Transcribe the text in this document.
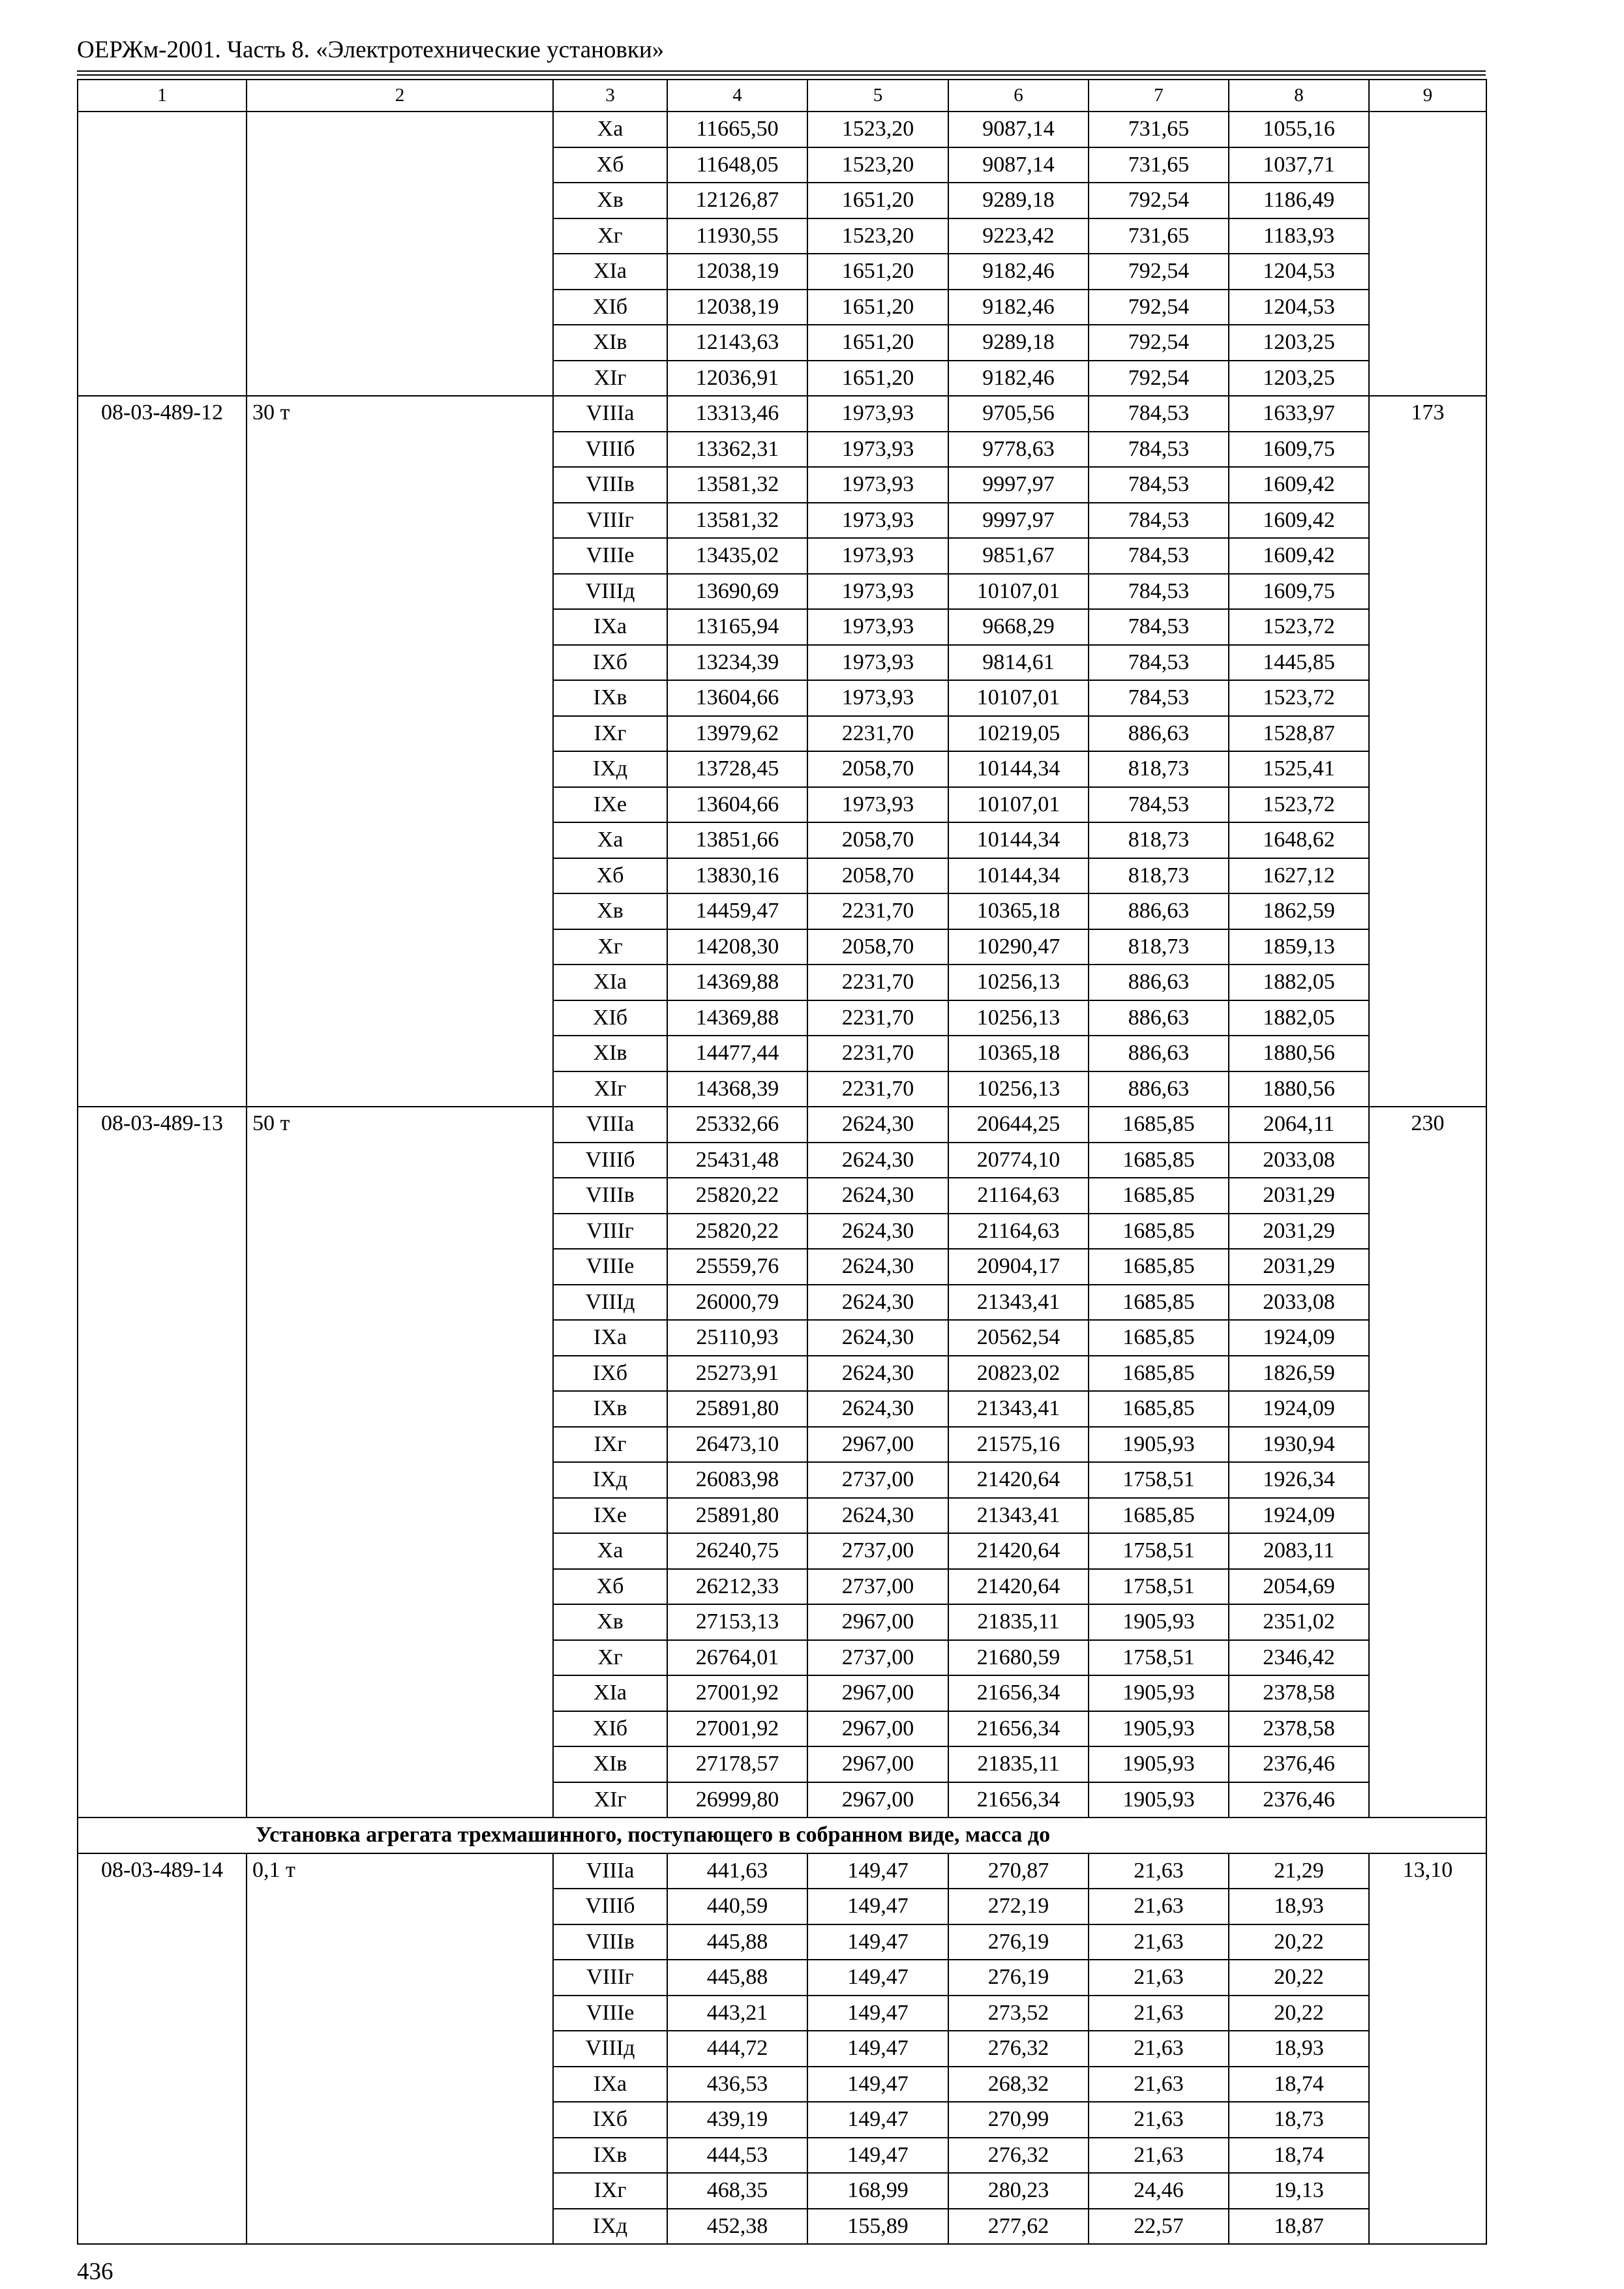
ОЕРЖм-2001. Часть 8. «Электротехнические установки»
1	2	3	4	5	6	7	8	9
		Xa	11665,50	1523,20	9087,14	731,65	1055,16	
		Xб	11648,05	1523,20	9087,14	731,65	1037,71	
		Xв	12126,87	1651,20	9289,18	792,54	1186,49	
		Xг	11930,55	1523,20	9223,42	731,65	1183,93	
		XIa	12038,19	1651,20	9182,46	792,54	1204,53	
		XIб	12038,19	1651,20	9182,46	792,54	1204,53	
		XIв	12143,63	1651,20	9289,18	792,54	1203,25	
		XIг	12036,91	1651,20	9182,46	792,54	1203,25	
08-03-489-12	30 т	VIIIa	13313,46	1973,93	9705,56	784,53	1633,97	173
		VIIIб	13362,31	1973,93	9778,63	784,53	1609,75	
		VIIIв	13581,32	1973,93	9997,97	784,53	1609,42	
		VIIIг	13581,32	1973,93	9997,97	784,53	1609,42	
		VIIIe	13435,02	1973,93	9851,67	784,53	1609,42	
		VIIIд	13690,69	1973,93	10107,01	784,53	1609,75	
		IXa	13165,94	1973,93	9668,29	784,53	1523,72	
		IXб	13234,39	1973,93	9814,61	784,53	1445,85	
		IXв	13604,66	1973,93	10107,01	784,53	1523,72	
		IXг	13979,62	2231,70	10219,05	886,63	1528,87	
		IXд	13728,45	2058,70	10144,34	818,73	1525,41	
		IXe	13604,66	1973,93	10107,01	784,53	1523,72	
		Xa	13851,66	2058,70	10144,34	818,73	1648,62	
		Xб	13830,16	2058,70	10144,34	818,73	1627,12	
		Xв	14459,47	2231,70	10365,18	886,63	1862,59	
		Xг	14208,30	2058,70	10290,47	818,73	1859,13	
		XIa	14369,88	2231,70	10256,13	886,63	1882,05	
		XIб	14369,88	2231,70	10256,13	886,63	1882,05	
		XIв	14477,44	2231,70	10365,18	886,63	1880,56	
		XIг	14368,39	2231,70	10256,13	886,63	1880,56	
08-03-489-13	50 т	VIIIa	25332,66	2624,30	20644,25	1685,85	2064,11	230
		VIIIб	25431,48	2624,30	20774,10	1685,85	2033,08	
		VIIIв	25820,22	2624,30	21164,63	1685,85	2031,29	
		VIIIг	25820,22	2624,30	21164,63	1685,85	2031,29	
		VIIIe	25559,76	2624,30	20904,17	1685,85	2031,29	
		VIIIд	26000,79	2624,30	21343,41	1685,85	2033,08	
		IXa	25110,93	2624,30	20562,54	1685,85	1924,09	
		IXб	25273,91	2624,30	20823,02	1685,85	1826,59	
		IXв	25891,80	2624,30	21343,41	1685,85	1924,09	
		IXг	26473,10	2967,00	21575,16	1905,93	1930,94	
		IXд	26083,98	2737,00	21420,64	1758,51	1926,34	
		IXe	25891,80	2624,30	21343,41	1685,85	1924,09	
		Xa	26240,75	2737,00	21420,64	1758,51	2083,11	
		Xб	26212,33	2737,00	21420,64	1758,51	2054,69	
		Xв	27153,13	2967,00	21835,11	1905,93	2351,02	
		Xг	26764,01	2737,00	21680,59	1758,51	2346,42	
		XIa	27001,92	2967,00	21656,34	1905,93	2378,58	
		XIб	27001,92	2967,00	21656,34	1905,93	2378,58	
		XIв	27178,57	2967,00	21835,11	1905,93	2376,46	
		XIг	26999,80	2967,00	21656,34	1905,93	2376,46	
Установка агрегата трехмашинного, поступающего в собранном виде, масса до								
08-03-489-14	0,1 т	VIIIa	441,63	149,47	270,87	21,63	21,29	13,10
		VIIIб	440,59	149,47	272,19	21,63	18,93	
		VIIIв	445,88	149,47	276,19	21,63	20,22	
		VIIIг	445,88	149,47	276,19	21,63	20,22	
		VIIIe	443,21	149,47	273,52	21,63	20,22	
		VIIIд	444,72	149,47	276,32	21,63	18,93	
		IXa	436,53	149,47	268,32	21,63	18,74	
		IXб	439,19	149,47	270,99	21,63	18,73	
		IXв	444,53	149,47	276,32	21,63	18,74	
		IXг	468,35	168,99	280,23	24,46	19,13	
		IXд	452,38	155,89	277,62	22,57	18,87	
436
